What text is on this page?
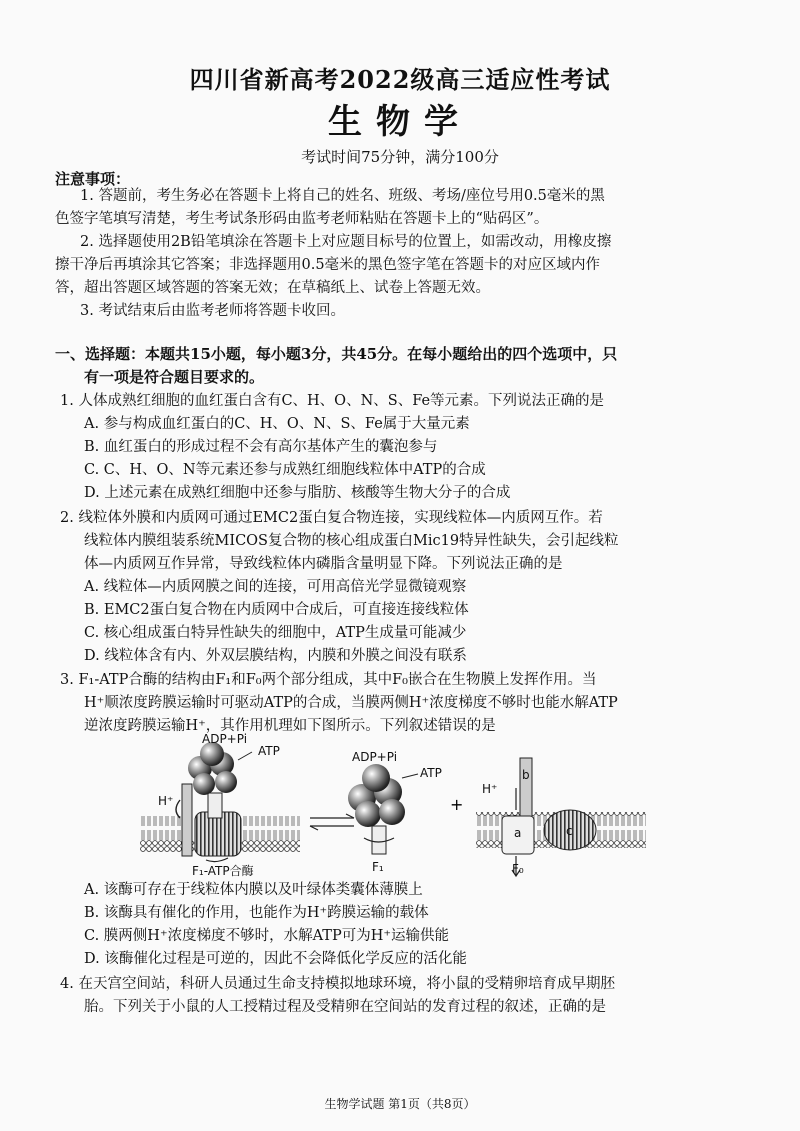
四川省新高考2022级高三适应性考试
生物学
考试时间75分钟，满分100分
注意事项：
1. 答题前，考生务必在答题卡上将自己的姓名、班级、考场/座位号用0.5毫米的黑
色签字笔填写清楚，考生考试条形码由监考老师粘贴在答题卡上的“贴码区”。
2. 选择题使用2B铅笔填涂在答题卡上对应题目标号的位置上，如需改动，用橡皮擦
擦干净后再填涂其它答案；非选择题用0.5毫米的黑色签字笔在答题卡的对应区域内作
答，超出答题区域答题的答案无效；在草稿纸上、试卷上答题无效。
3. 考试结束后由监考老师将答题卡收回。
一、选择题：本题共15小题，每小题3分，共45分。在每小题给出的四个选项中，只
有一项是符合题目要求的。
1. 人体成熟红细胞的血红蛋白含有C、H、O、N、S、Fe等元素。下列说法正确的是
A. 参与构成血红蛋白的C、H、O、N、S、Fe属于大量元素
B. 血红蛋白的形成过程不会有高尔基体产生的囊泡参与
C. C、H、O、N等元素还参与成熟红细胞线粒体中ATP的合成
D. 上述元素在成熟红细胞中还参与脂肪、核酸等生物大分子的合成
2. 线粒体外膜和内质网可通过EMC2蛋白复合物连接，实现线粒体—内质网互作。若
线粒体内膜组装系统MICOS复合物的核心组成蛋白Mic19特异性缺失，会引起线粒
体—内质网互作异常，导致线粒体内磷脂含量明显下降。下列说法正确的是
A. 线粒体—内质网膜之间的连接，可用高倍光学显微镜观察
B. EMC2蛋白复合物在内质网中合成后，可直接连接线粒体
C. 核心组成蛋白特异性缺失的细胞中，ATP生成量可能减少
D. 线粒体含有内、外双层膜结构，内膜和外膜之间没有联系
3. F₁-ATP合酶的结构由F₁和F₀两个部分组成，其中F₀嵌合在生物膜上发挥作用。当
H⁺顺浓度跨膜运输时可驱动ATP的合成，当膜两侧H⁺浓度梯度不够时也能水解ATP
逆浓度跨膜运输H⁺，其作用机理如下图所示。下列叙述错误的是
+
ADP+Pi
ATP
H⁺
F₁-ATP合酶
ADP+Pi
ATP
F₁
H⁺
a
b
c
F₀
A. 该酶可存在于线粒体内膜以及叶绿体类囊体薄膜上
B. 该酶具有催化的作用，也能作为H⁺跨膜运输的载体
C. 膜两侧H⁺浓度梯度不够时，水解ATP可为H⁺运输供能
D. 该酶催化过程是可逆的，因此不会降低化学反应的活化能
4. 在天宫空间站，科研人员通过生命支持模拟地球环境，将小鼠的受精卵培育成早期胚
胎。下列关于小鼠的人工授精过程及受精卵在空间站的发育过程的叙述，正确的是
生物学试题 第1页（共8页）
